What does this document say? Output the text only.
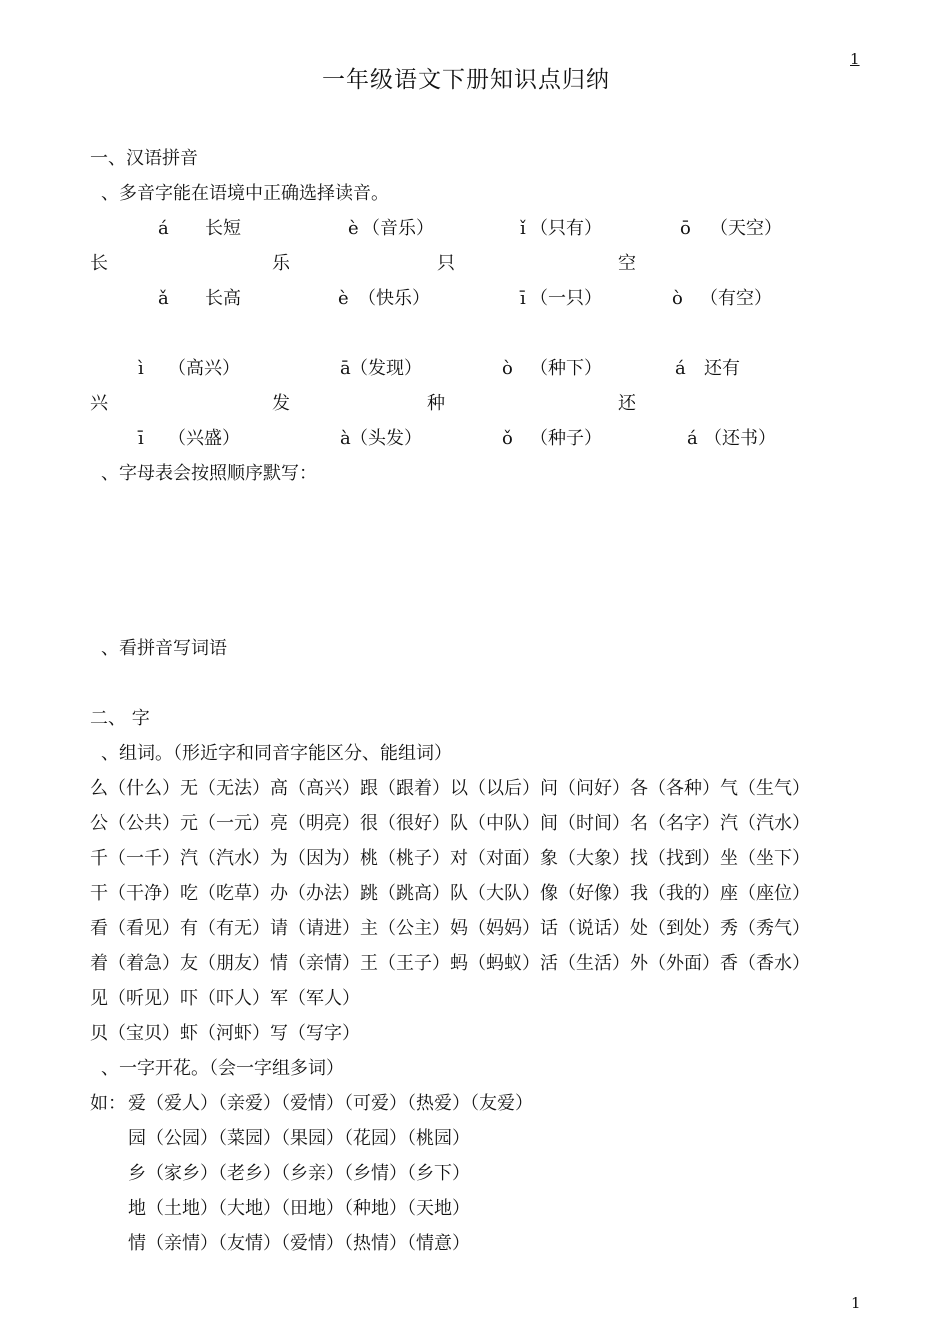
1
1
一年级语文下册知识点归纳
一、汉语拼音
、多音字能在语境中正确选择读音。
á 长短	è （音乐）	ǐ （只有）	ō （天空）
长	乐	只	空
ǎ 长高	è （快乐）	ī （一只）	ò （有空）
ì （高兴）	ā （发现）	ò （种下）	á 还有
兴	发	种	还
ī （兴盛）	à （头发）	ǒ （种子）	á （还书）
、字母表会按照顺序默写：
、看拼音写词语
二、 字
、组词。（形近字和同音字能区分、能组词）
么（什么）无（无法）高（高兴）跟（跟着）以（以后）问（问好）各（各种）气（生气）
公（公共）元（一元）亮（明亮）很（很好）队（中队）间（时间）名（名字）汽（汽水）
千（一千）汽（汽水）为（因为）桃（桃子）对（对面）象（大象）找（找到）坐（坐下）
干（干净）吃（吃草）办（办法）跳（跳高）队（大队）像（好像）我（我的）座（座位）
看（看见）有（有无）请（请进）主（公主）妈（妈妈）话（说话）处（到处）秀（秀气）
着（着急）友（朋友）情（亲情）王（王子）蚂（蚂蚁）活（生活）外（外面）香（香水）
见（听见）吓（吓人）军（军人）
贝（宝贝）虾（河虾）写（写字）
、一字开花。（会一字组多词）
如： 爱（爱人）（亲爱）（爱情）（可爱）（热爱）（友爱）
园（公园）（菜园）（果园）（花园）（桃园）
乡（家乡）（老乡）（乡亲）（乡情）（乡下）
地（土地）（大地）（田地）（种地）（天地）
情（亲情）（友情）（爱情）（热情）（情意）
